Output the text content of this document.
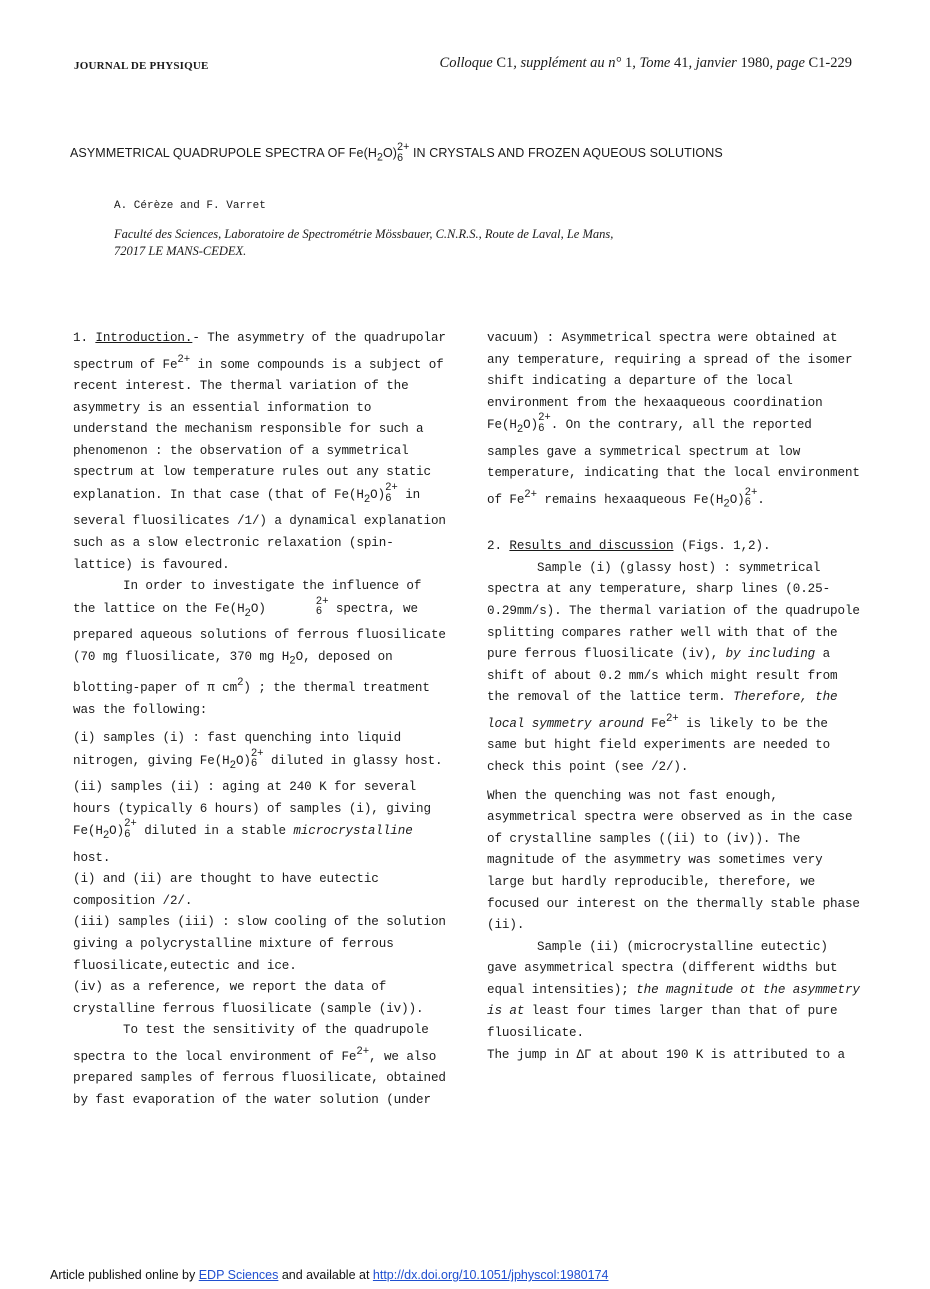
JOURNAL DE PHYSIQUE	Colloque C1, supplément au n° 1, Tome 41, janvier 1980, page C1-229
ASYMMETRICAL QUADRUPOLE SPECTRA OF $Fe(H_2O)$ 2+
6 IN CRYSTALS AND FROZEN AQUEOUS SOLUTIONS
A. Cérèze and F. Varret
Faculté des Sciences, Laboratoire de Spectrométrie Mössbauer, C.N.R.S., Route de Laval, Le Mans,
72017 LE MANS-CEDEX.

1. Introduction.- The asymmetry of the quadrupolar spectrum of Fe2+ in some compounds is a subject of recent interest. The thermal variation of the asymmetry is an essential information to understand the mechanism responsible for such a phenomenon : the observation of a symmetrical spectrum at low temperature rules out any static explanation. In that case (that of Fe(H2O)
2+
6 in several fluosilicates /1/) a dynamical explanation such as a slow electronic relaxation (spin-lattice) is favoured.

In order to investigate the influence of the lattice on the Fe(H2O)
2+
6 spectra, we prepared aqueous solutions of ferrous fluosilicate (70 mg fluosilicate, 370 mg H2O, deposed on blotting-paper of π cm2) ; the thermal treatment was the following:

(i) samples (i) : fast quenching into liquid nitrogen, giving Fe(H2O)
2+
6 diluted in glassy host.

(ii) samples (ii) : aging at 240 K for several hours (typically 6 hours) of samples (i), giving Fe(H2O)
2+
6 diluted in a stable microcrystalline host.

(i) and (ii) are thought to have eutectic composition /2/.

(iii) samples (iii) : slow cooling of the solution giving a polycrystalline mixture of ferrous fluosilicate,eutectic and ice.

(iv) as a reference, we report the data of crystalline ferrous fluosilicate (sample (iv)).

To test the sensitivity of the quadrupole spectra to the local environment of Fe2+, we also prepared samples of ferrous fluosilicate, obtained by fast evaporation of the water solution (under

vacuum) : Asymmetrical spectra were obtained at any temperature, requiring a spread of the isomer shift indicating a departure of the local environment from the hexaaqueous coordination Fe(H2O)
2+
6 . On the contrary, all the reported samples gave a symmetrical spectrum at low temperature, indicating that the local environment of Fe2+ remains hexaaqueous Fe(H2O)
2+
6 .

2. Results and discussion (Figs. 1,2).

Sample (i) (glassy host) : symmetrical spectra at any temperature, sharp lines (0.25-0.29mm/s). The thermal variation of the quadrupole splitting compares rather well with that of the pure ferrous fluosilicate (iv), by including a shift of about 0.2 mm/s which might result from the removal of the lattice term. Therefore, the local symmetry around Fe2+ is likely to be the same but hight field experiments are needed to check this point (see /2/).

When the quenching was not fast enough, asymmetrical spectra were observed as in the case of crystalline samples ((ii) to (iv)). The magnitude of the asymmetry was sometimes very large but hardly reproducible, therefore, we focused our interest on the thermally stable phase (ii).

Sample (ii) (microcrystalline eutectic) gave asymmetrical spectra (different widths but equal intensities); the magnitude ot the asymmetry is at least four times larger than that of pure fluosilicate.

The jump in ΔΓ at about 190 K is attributed to a

Article published online by EDP Sciences and available at http://dx.doi.org/10.1051/jphyscol:1980174
